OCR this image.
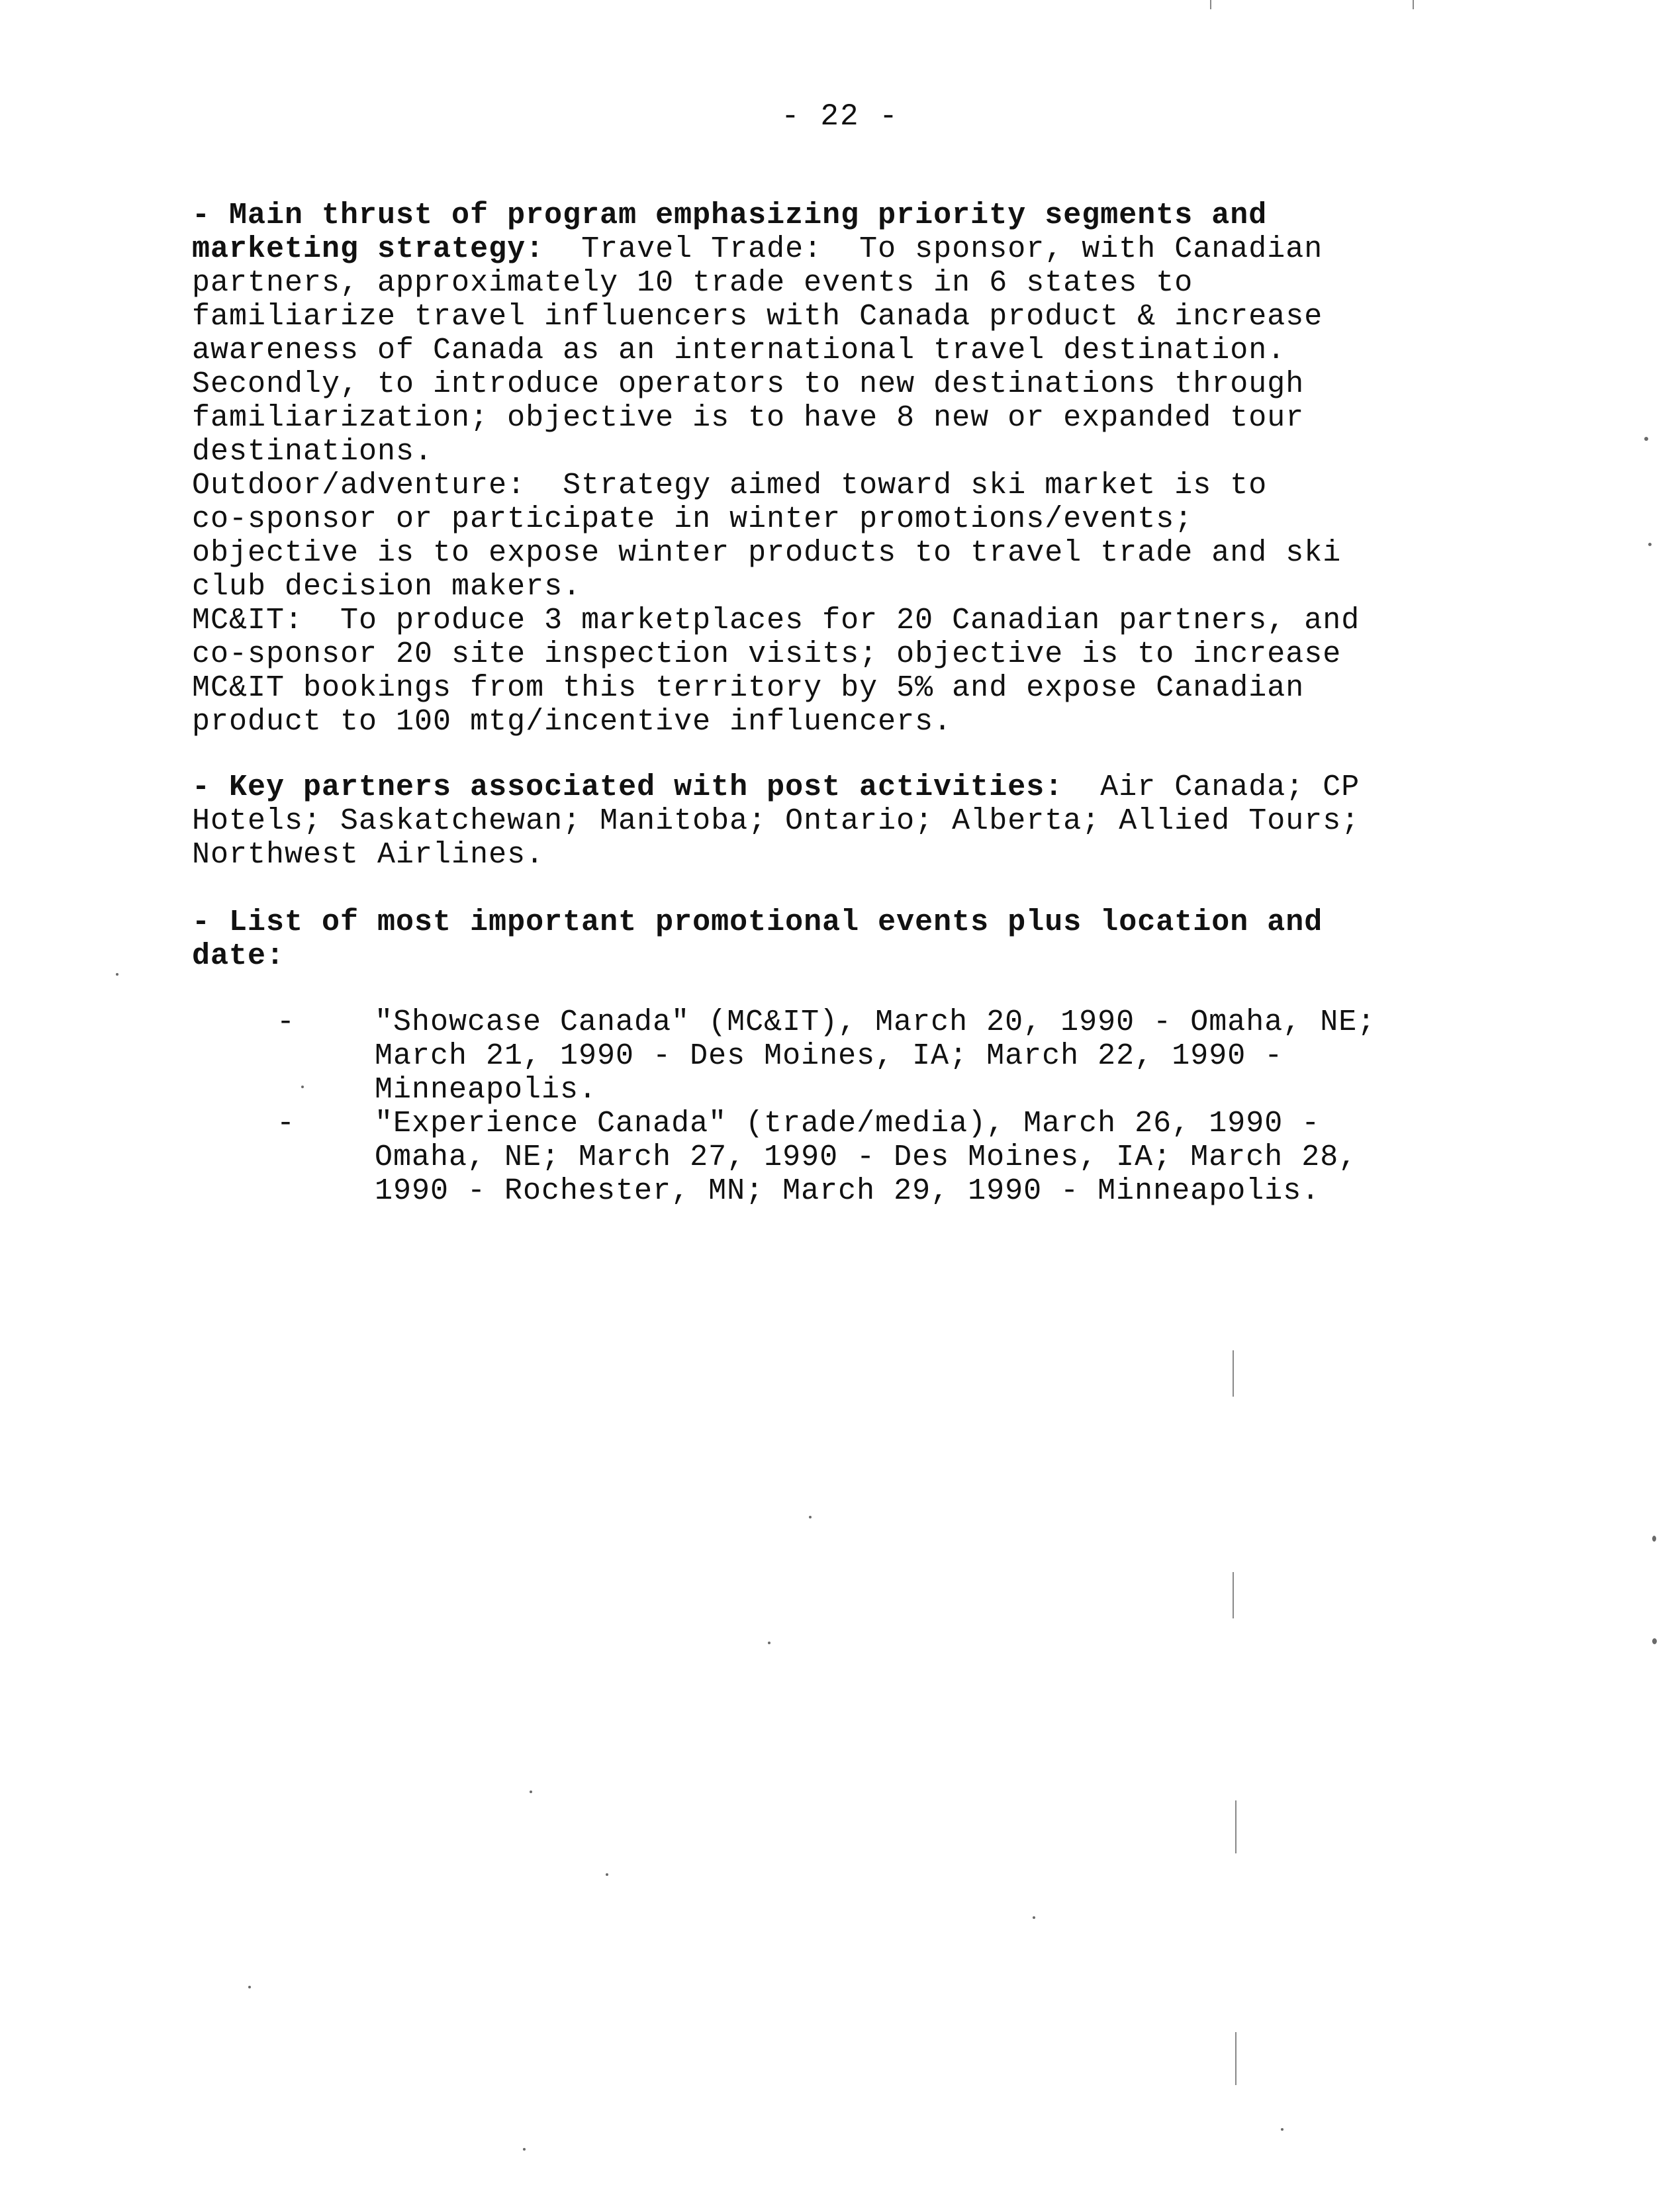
- 22 -
- Main thrust of program emphasizing priority segments and
marketing strategy:  Travel Trade:  To sponsor, with Canadian
partners, approximately 10 trade events in 6 states to
familiarize travel influencers with Canada product & increase
awareness of Canada as an international travel destination.
Secondly, to introduce operators to new destinations through
familiarization; objective is to have 8 new or expanded tour
destinations.
Outdoor/adventure:  Strategy aimed toward ski market is to
co-sponsor or participate in winter promotions/events;
objective is to expose winter products to travel trade and ski
club decision makers.
MC&IT:  To produce 3 marketplaces for 20 Canadian partners, and
co-sponsor 20 site inspection visits; objective is to increase
MC&IT bookings from this territory by 5% and expose Canadian
product to 100 mtg/incentive influencers.
- Key partners associated with post activities:  Air Canada; CP
Hotels; Saskatchewan; Manitoba; Ontario; Alberta; Allied Tours;
Northwest Airlines.
- List of most important promotional events plus location and
date:
-	"Showcase Canada" (MC&IT), March 20, 1990 - Omaha, NE;
March 21, 1990 - Des Moines, IA; March 22, 1990 -
Minneapolis.
-	"Experience Canada" (trade/media), March 26, 1990 -
Omaha, NE; March 27, 1990 - Des Moines, IA; March 28,
1990 - Rochester, MN; March 29, 1990 - Minneapolis.
